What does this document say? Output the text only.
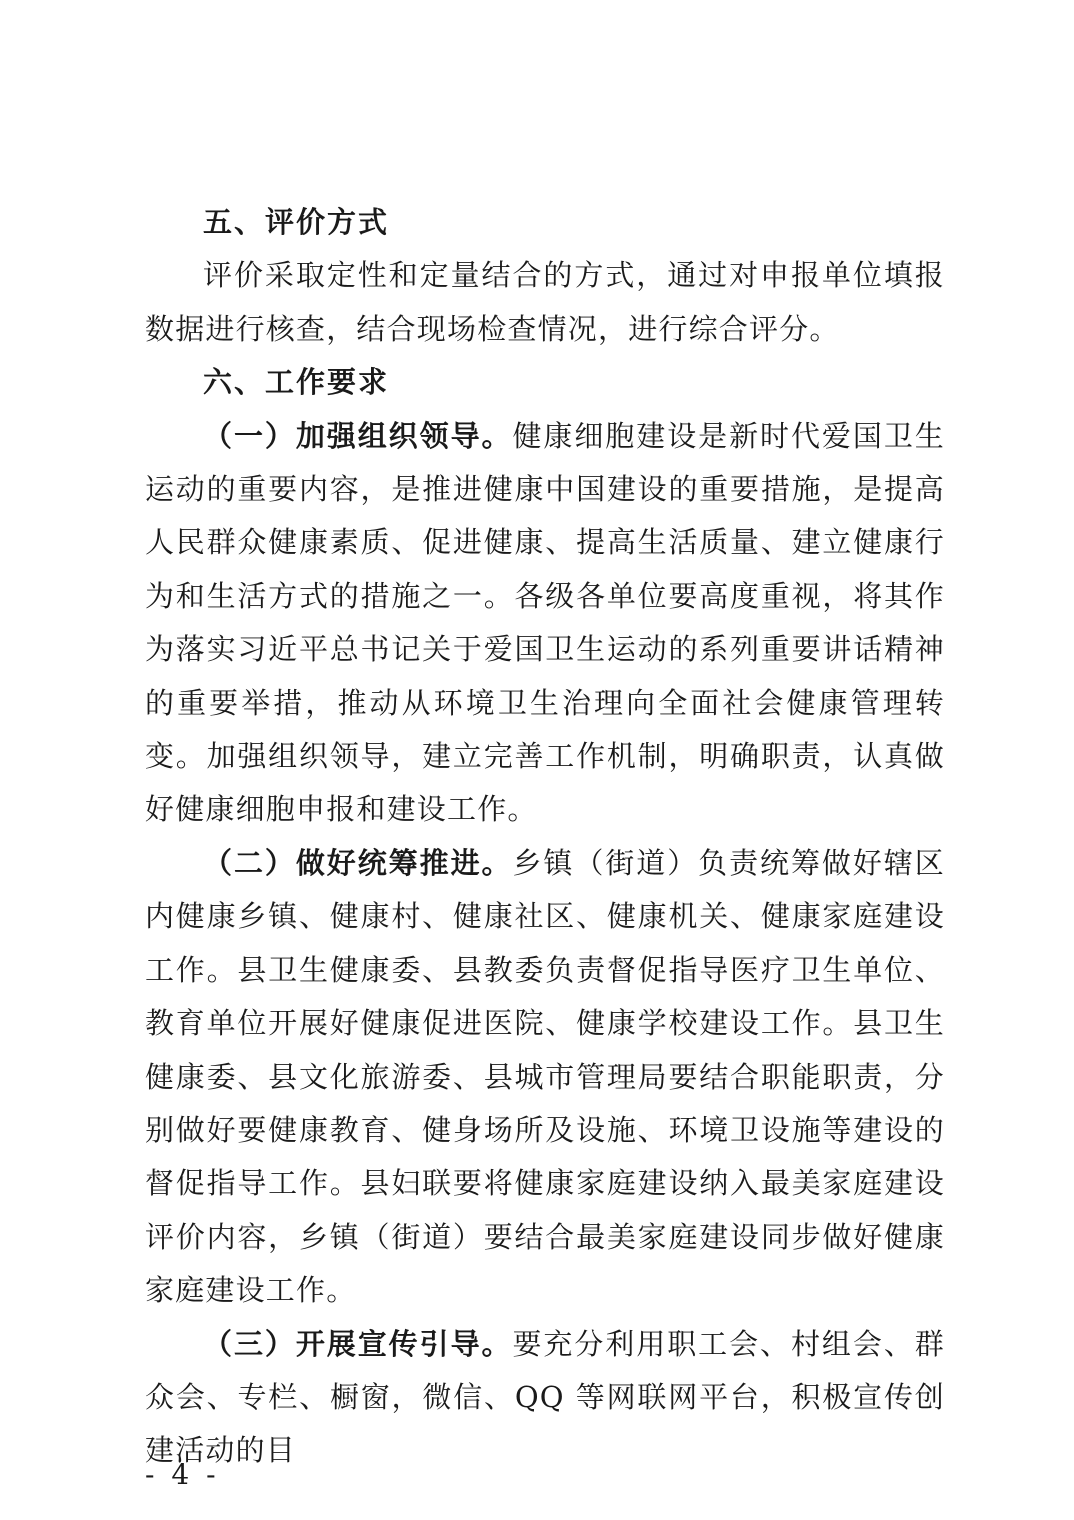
五、评价方式

评价采取定性和定量结合的方式，通过对申报单位填报数据进行核查，结合现场检查情况，进行综合评分。

六、工作要求

（一）加强组织领导。健康细胞建设是新时代爱国卫生运动的重要内容，是推进健康中国建设的重要措施，是提高人民群众健康素质、促进健康、提高生活质量、建立健康行为和生活方式的措施之一。各级各单位要高度重视，将其作为落实习近平总书记关于爱国卫生运动的系列重要讲话精神的重要举措，推动从环境卫生治理向全面社会健康管理转变。加强组织领导，建立完善工作机制，明确职责，认真做好健康细胞申报和建设工作。

（二）做好统筹推进。乡镇（街道）负责统筹做好辖区内健康乡镇、健康村、健康社区、健康机关、健康家庭建设工作。县卫生健康委、县教委负责督促指导医疗卫生单位、教育单位开展好健康促进医院、健康学校建设工作。县卫生健康委、县文化旅游委、县城市管理局要结合职能职责，分别做好要健康教育、健身场所及设施、环境卫设施等建设的督促指导工作。县妇联要将健康家庭建设纳入最美家庭建设评价内容，乡镇（街道）要结合最美家庭建设同步做好健康家庭建设工作。

（三）开展宣传引导。要充分利用职工会、村组会、群众会、专栏、橱窗，微信、QQ 等网联网平台，积极宣传创建活动的目

- 4 -
